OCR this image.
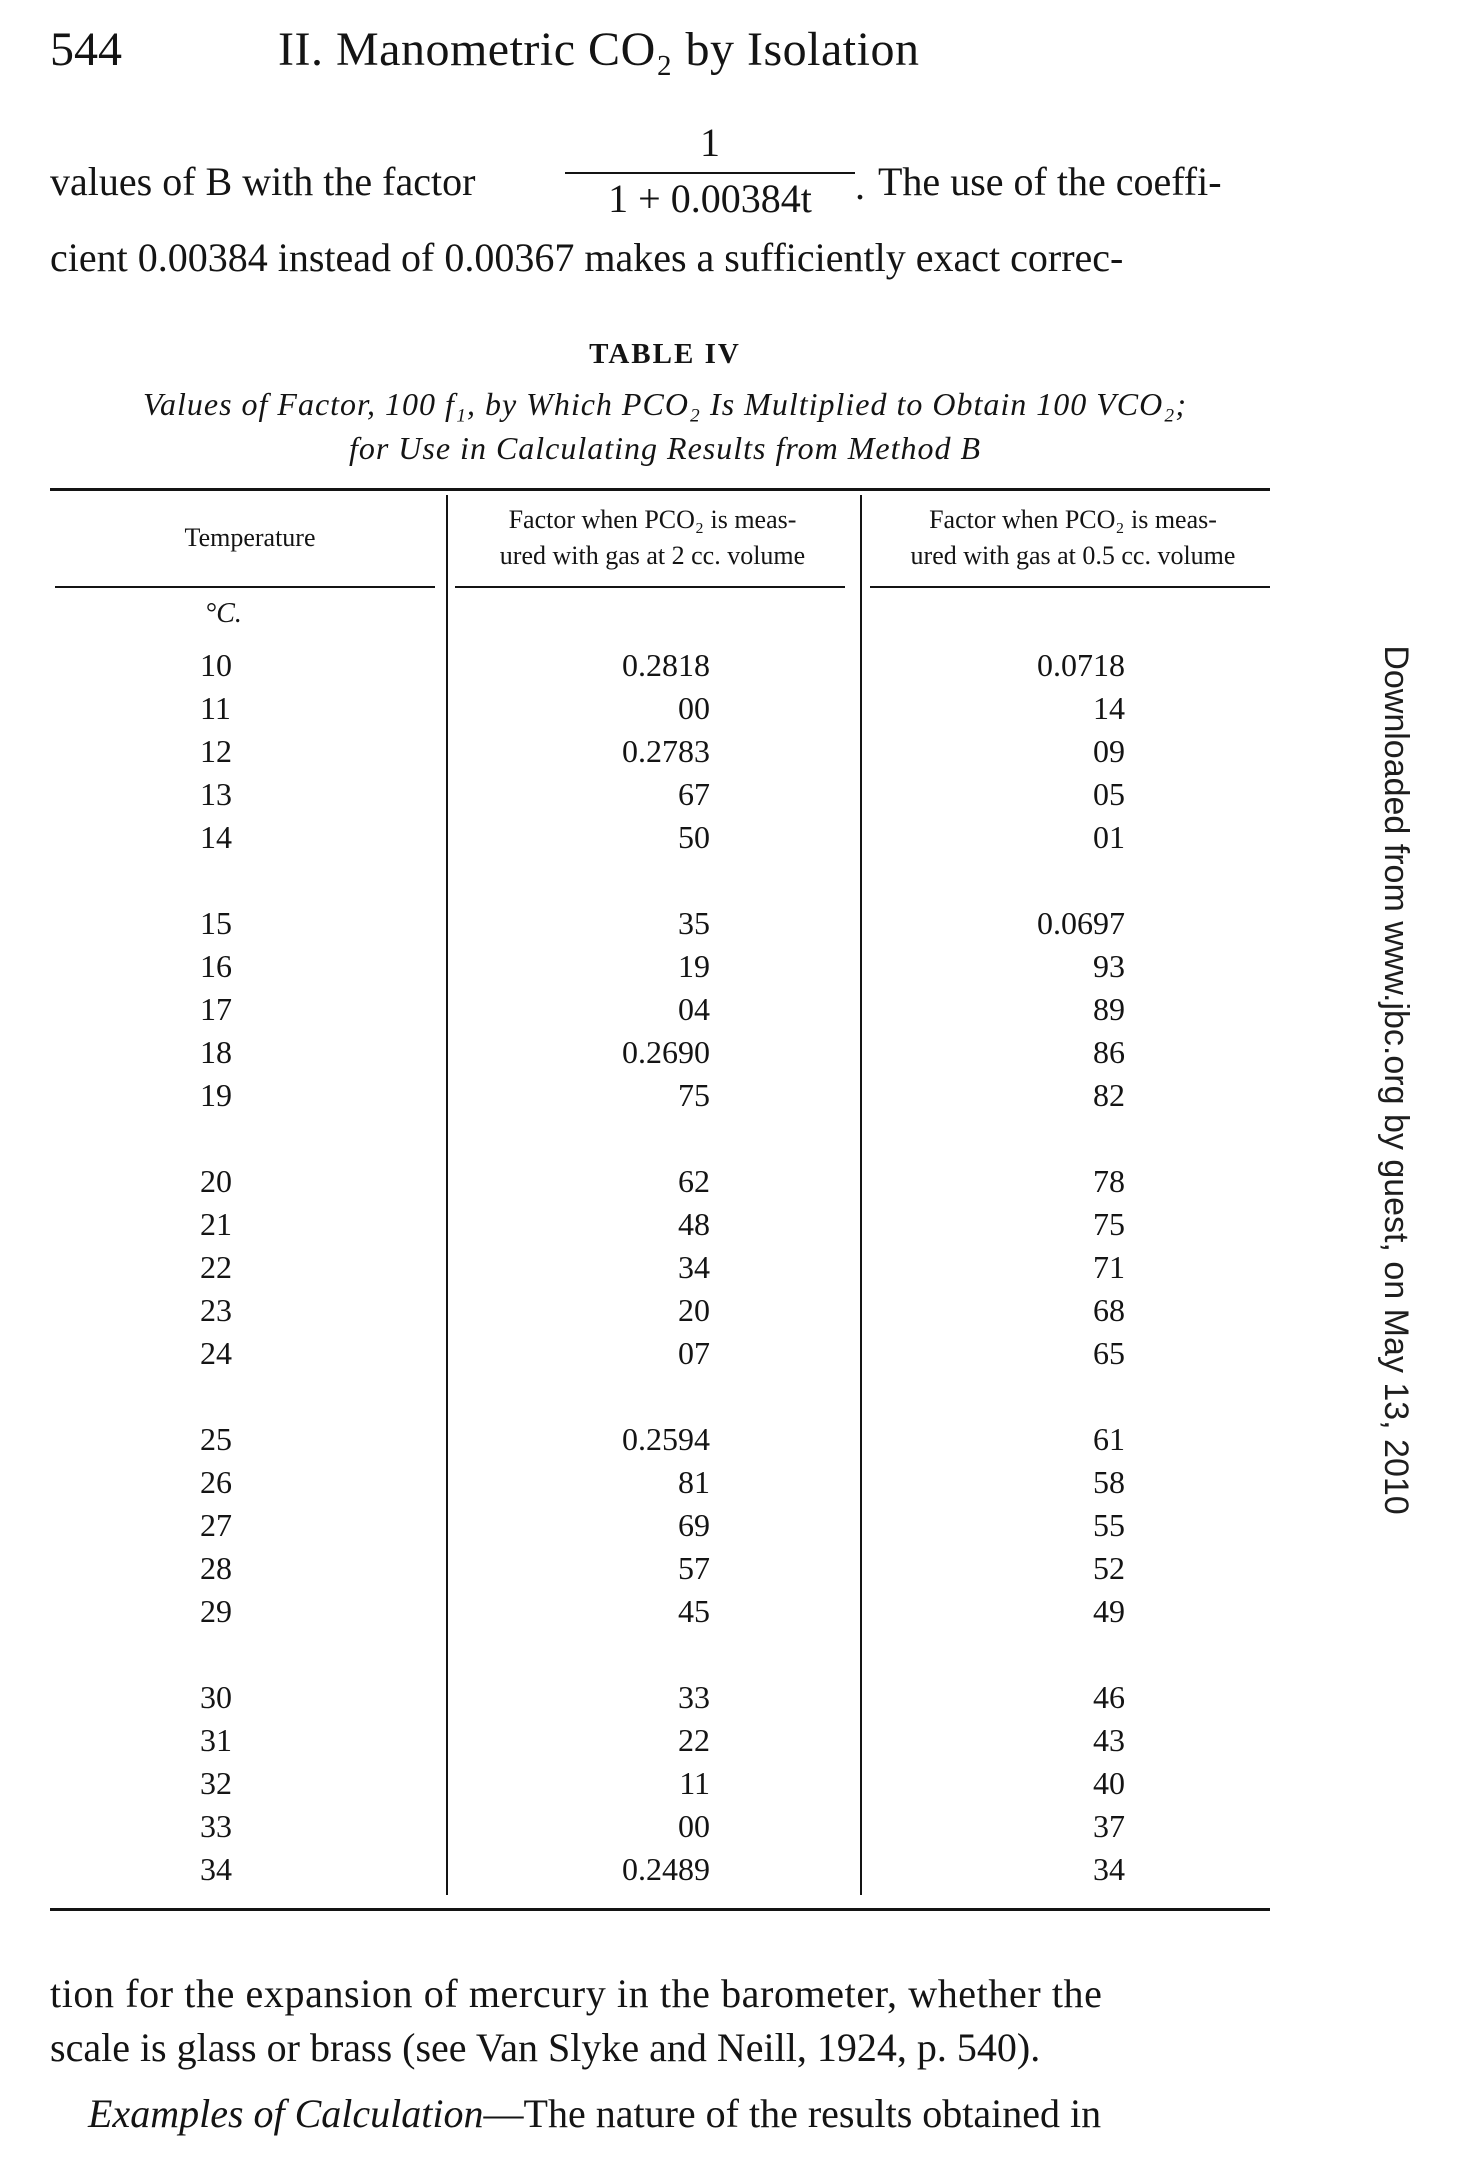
544	II. Manometric CO₂ by Isolation
values of B with the factor
1
1 + 0.00384t	. The use of the coeffi-
cient 0.00384 instead of 0.00367 makes a sufficiently exact correc-
TABLE IV
Values of Factor, 100 f₁, by Which PCO₂ Is Multiplied to Obtain 100 VCO₂;
for Use in Calculating Results from Method B
Temperature
Factor when PCO₂ is meas-
ured with gas at 2 cc. volume
Factor when PCO₂ is meas-
ured with gas at 0.5 cc. volume
°C.
10
11
12
13
14
15
16
17
18
19
20
21
22
23
24
25
26
27
28
29
30
31
32
33
34
0.2818
00
0.2783
67
50
35
19
04
0.2690
75
62
48
34
20
07
0.2594
81
69
57
45
33
22
11
00
0.2489
0.0718
14
09
05
01
0.0697
93
89
86
82
78
75
71
68
65
61
58
55
52
49
46
43
40
37
34
tion for the expansion of mercury in the barometer, whether the
scale is glass or brass (see Van Slyke and Neill, 1924, p. 540).
Examples of Calculation—The nature of the results obtained in
Downloaded from www.jbc.org by guest, on May 13, 2010
